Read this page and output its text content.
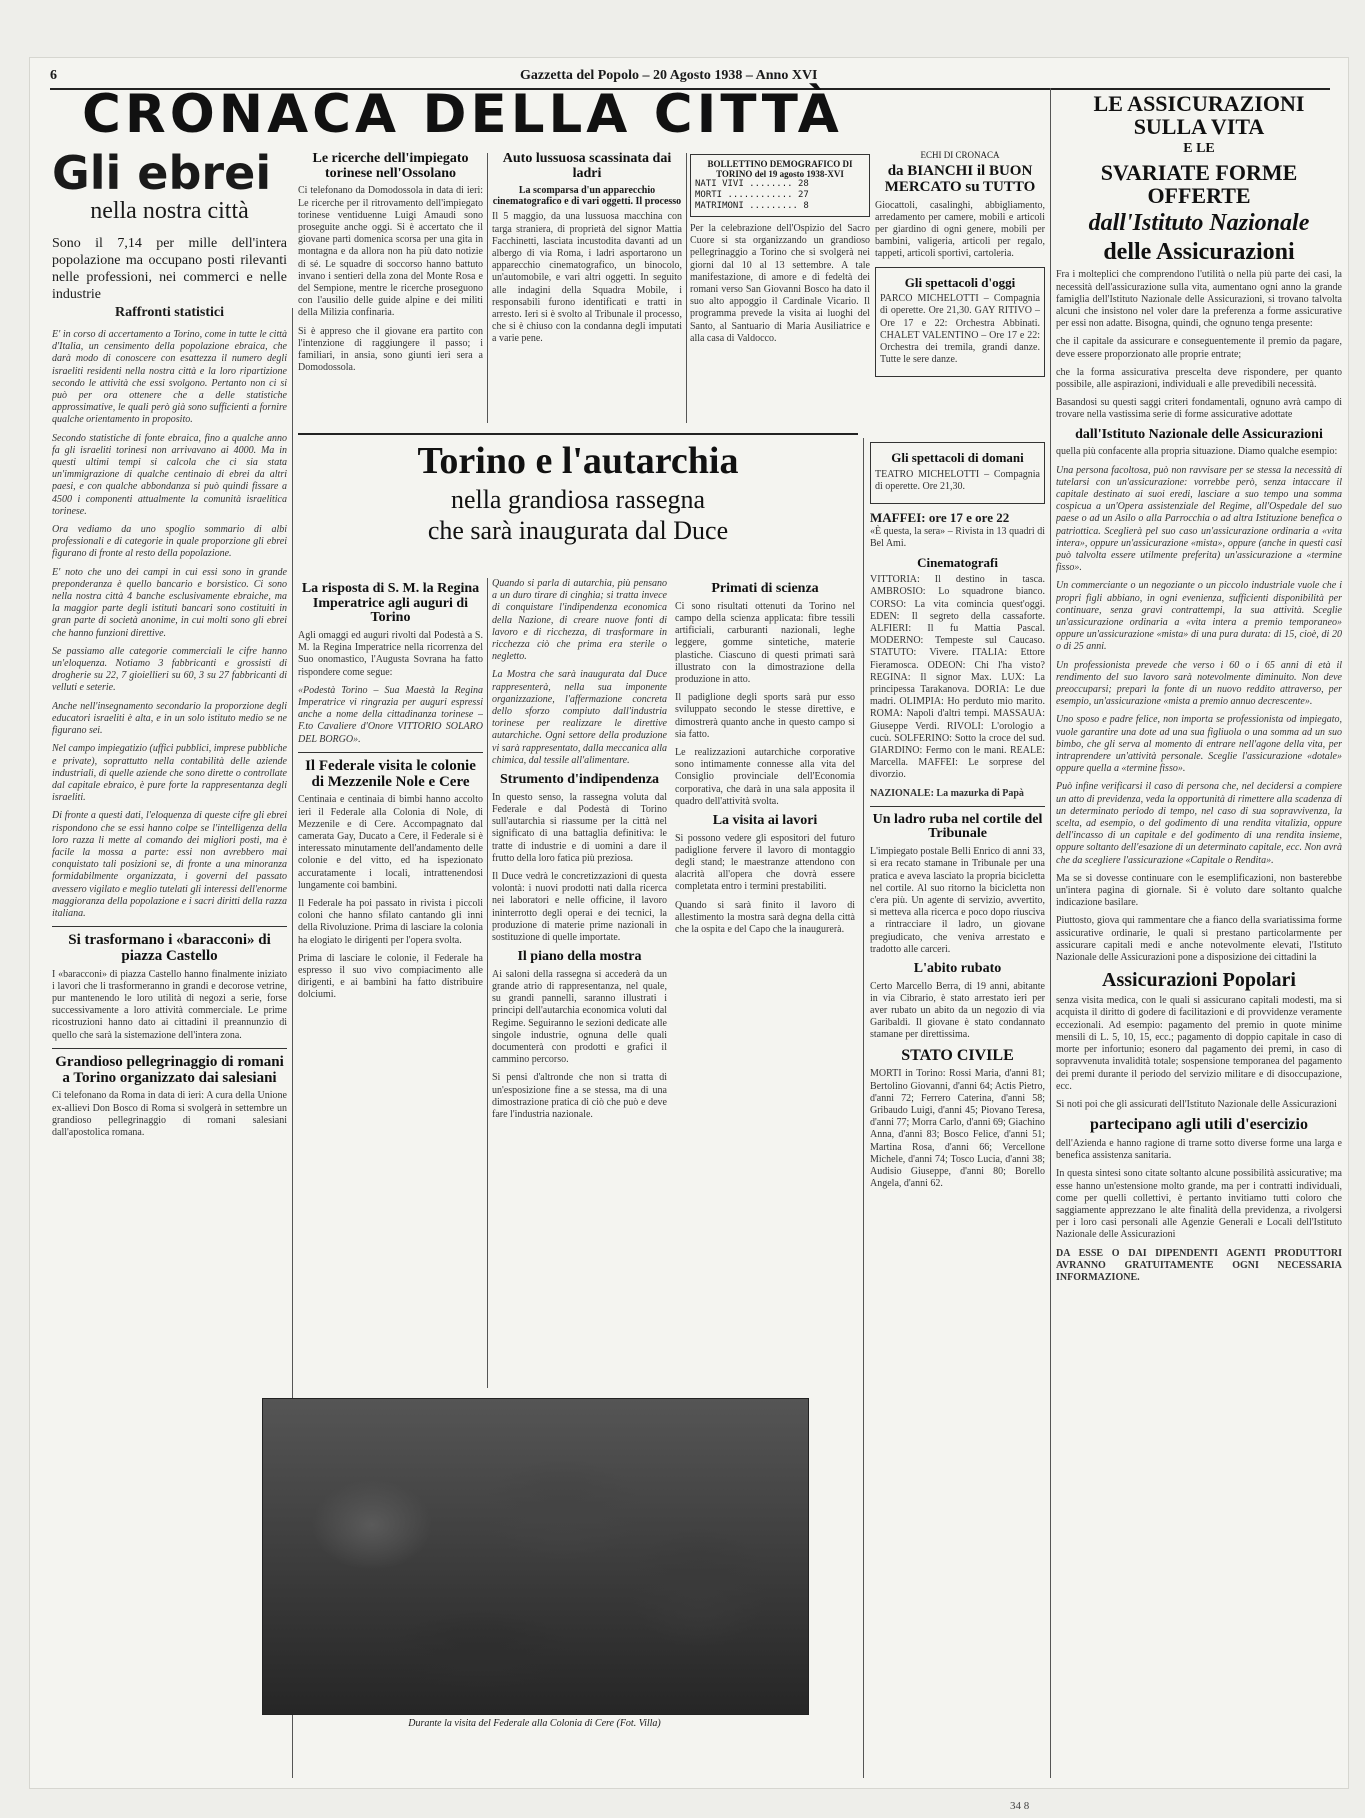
6	Gazzetta del Popolo – 20 Agosto 1938 – Anno XVI
CRONACA DELLA CITTÀ
Gli ebrei
nella nostra città
Sono il 7,14 per mille dell'intera popolazione ma occupano posti rilevanti nelle professioni, nei commerci e nelle industrie
Raffronti statistici

E' in corso di accertamento a Torino, come in tutte le città d'Italia, un censimento della popolazione ebraica, che darà modo di conoscere con esattezza il numero degli israeliti residenti nella nostra città e la loro ripartizione secondo le attività che essi svolgono. Pertanto non ci si può per ora ottenere che a delle statistiche approssimative, le quali però già sono sufficienti a fornire qualche orientamento in proposito.

Secondo statistiche di fonte ebraica, fino a qualche anno fa gli israeliti torinesi non arrivavano ai 4000. Ma in questi ultimi tempi si calcola che ci sia stata un'immigrazione di qualche centinaio di ebrei da altri paesi, e con qualche abbondanza si può quindi fissare a 4500 i componenti attualmente la comunità israelitica torinese.

Ora vediamo da uno spoglio sommario di albi professionali e di categorie in quale proporzione gli ebrei figurano di fronte al resto della popolazione.

E' noto che uno dei campi in cui essi sono in grande preponderanza è quello bancario e borsistico. Ci sono nella nostra città 4 banche esclusivamente ebraiche, ma la maggior parte degli istituti bancari sono costituiti in gran parte di società anonime, in cui molti sono gli ebrei che hanno funzioni direttive.

Se passiamo alle categorie commerciali le cifre hanno un'eloquenza. Notiamo 3 fabbricanti e grossisti di drogherie su 22, 7 gioiellieri su 60, 3 su 27 fabbricanti di velluti e seterie.

Anche nell'insegnamento secondario la proporzione degli educatori israeliti è alta, e in un solo istituto medio se ne figurano sei.

Nel campo impiegatizio (uffici pubblici, imprese pubbliche e private), soprattutto nella contabilità delle aziende industriali, di quelle aziende che sono dirette o controllate dal capitale ebraico, è pure forte la rappresentanza degli israeliti.

Di fronte a questi dati, l'eloquenza di queste cifre gli ebrei rispondono che se essi hanno colpe se l'intelligenza della loro razza li mette al comando dei migliori posti, ma è facile la mossa a parte: essi non avrebbero mai conquistato tali posizioni se, di fronte a una minoranza formidabilmente organizzata, i governi del passato avessero vigilato e meglio tutelati gli interessi dell'enorme maggioranza della popolazione e i sacri diritti della razza italiana.

Si trasformano i «baracconi» di piazza Castello

I «baracconi» di piazza Castello hanno finalmente iniziato i lavori che li trasformeranno in grandi e decorose vetrine, pur mantenendo le loro utilità di negozi a serie, forse successivamente a loro attività commerciale. Le prime ricostruzioni hanno dato ai cittadini il preannunzio di quello che sarà la sistemazione dell'intera zona.

Grandioso pellegrinaggio di romani a Torino organizzato dai salesiani

Ci telefonano da Roma in data di ieri: A cura della Unione ex-allievi Don Bosco di Roma si svolgerà in settembre un grandioso pellegrinaggio di romani salesiani dall'apostolica romana.

Le ricerche dell'impiegato torinese nell'Ossolano

Ci telefonano da Domodossola in data di ieri: Le ricerche per il ritrovamento dell'impiegato torinese ventiduenne Luigi Amaudi sono proseguite anche oggi. Si è accertato che il giovane partì domenica scorsa per una gita in montagna e da allora non ha più dato notizie di sé. Le squadre di soccorso hanno battuto invano i sentieri della zona del Monte Rosa e del Sempione, mentre le ricerche proseguono con l'ausilio delle guide alpine e dei militi della Milizia confinaria.

Si è appreso che il giovane era partito con l'intenzione di raggiungere il passo; i familiari, in ansia, sono giunti ieri sera a Domodossola.

Auto lussuosa scassinata dai ladri
La scomparsa d'un apparecchio cinematografico e di vari oggetti. Il processo

Il 5 maggio, da una lussuosa macchina con targa straniera, di proprietà del signor Mattia Facchinetti, lasciata incustodita davanti ad un albergo di via Roma, i ladri asportarono un apparecchio cinematografico, un binocolo, un'automobile, e vari altri oggetti. In seguito alle indagini della Squadra Mobile, i responsabili furono identificati e tratti in arresto. Ieri si è svolto al Tribunale il processo, che si è chiuso con la condanna degli imputati a varie pene.

BOLLETTINO DEMOGRAFICO DI TORINO del 19 agosto 1938-XVI
NATI VIVI ........ 28
MORTI ............ 27
MATRIMONI ......... 8

Per la celebrazione dell'Ospizio del Sacro Cuore si sta organizzando un grandioso pellegrinaggio a Torino che si svolgerà nei giorni dal 10 al 13 settembre. A tale manifestazione, di amore e di fedeltà dei romani verso San Giovanni Bosco ha dato il suo alto appoggio il Cardinale Vicario. Il programma prevede la visita ai luoghi del Santo, al Santuario di Maria Ausiliatrice e alla casa di Valdocco.

ECHI DI CRONACA
da BIANCHI il BUON MERCATO su TUTTO

Giocattoli, casalinghi, abbigliamento, arredamento per camere, mobili e articoli per giardino di ogni genere, mobili per bambini, valigeria, articoli per regalo, tappeti, articoli sportivi, cartoleria.

Gli spettacoli d'oggi

PARCO MICHELOTTI – Compagnia di operette. Ore 21,30. GAY RITIVO – Ore 17 e 22: Orchestra Abbinati. CHALET VALENTINO – Ore 17 e 22: Orchestra dei tremila, grandi danze. Tutte le sere danze.

Torino e l'autarchia
nella grandiosa rassegna
che sarà inaugurata dal Duce
La risposta di S. M. la Regina Imperatrice agli auguri di Torino

Agli omaggi ed auguri rivolti dal Podestà a S. M. la Regina Imperatrice nella ricorrenza del Suo onomastico, l'Augusta Sovrana ha fatto rispondere come segue:

«Podestà Torino – Sua Maestà la Regina Imperatrice vi ringrazia per auguri espressi anche a nome della cittadinanza torinese – F.to Cavaliere d'Onore VITTORIO SOLARO DEL BORGO».

Il Federale visita le colonie di Mezzenile Nole e Cere

Centinaia e centinaia di bimbi hanno accolto ieri il Federale alla Colonia di Nole, di Mezzenile e di Cere. Accompagnato dal camerata Gay, Ducato a Cere, il Federale si è interessato minutamente dell'andamento delle colonie e del vitto, ed ha ispezionato accuratamente i locali, intrattenendosi lungamente coi bambini.

Il Federale ha poi passato in rivista i piccoli coloni che hanno sfilato cantando gli inni della Rivoluzione. Prima di lasciare la colonia ha elogiato le dirigenti per l'opera svolta.

Prima di lasciare le colonie, il Federale ha espresso il suo vivo compiacimento alle dirigenti, e ai bambini ha fatto distribuire dolciumi.

Quando si parla di autarchia, più pensano a un duro tirare di cinghia; si tratta invece di conquistare l'indipendenza economica della Nazione, di creare nuove fonti di lavoro e di ricchezza, di trasformare in ricchezza ciò che prima era sterile o negletto.

La Mostra che sarà inaugurata dal Duce rappresenterà, nella sua imponente organizzazione, l'affermazione concreta dello sforzo compiuto dall'industria torinese per realizzare le direttive autarchiche. Ogni settore della produzione vi sarà rappresentato, dalla meccanica alla chimica, dal tessile all'alimentare.

Strumento d'indipendenza

In questo senso, la rassegna voluta dal Federale e dal Podestà di Torino sull'autarchia si riassume per la città nel significato di una battaglia definitiva: le tratte di industrie e di uomini a dare il frutto della loro fatica più preziosa.

Il Duce vedrà le concretizzazioni di questa volontà: i nuovi prodotti nati dalla ricerca nei laboratori e nelle officine, il lavoro ininterrotto degli operai e dei tecnici, la produzione di materie prime nazionali in sostituzione di quelle importate.

Il piano della mostra

Ai saloni della rassegna si accederà da un grande atrio di rappresentanza, nel quale, su grandi pannelli, saranno illustrati i principi dell'autarchia economica voluti dal Regime. Seguiranno le sezioni dedicate alle singole industrie, ognuna delle quali documenterà con prodotti e grafici il cammino percorso.

Si pensi d'altronde che non si tratta di un'esposizione fine a se stessa, ma di una dimostrazione pratica di ciò che può e deve fare l'industria nazionale.

Primati di scienza

Ci sono risultati ottenuti da Torino nel campo della scienza applicata: fibre tessili artificiali, carburanti nazionali, leghe leggere, gomme sintetiche, materie plastiche. Ciascuno di questi primati sarà illustrato con la dimostrazione della produzione in atto.

Il padiglione degli sports sarà pur esso sviluppato secondo le stesse direttive, e dimostrerà quanto anche in questo campo si sia fatto.

Le realizzazioni autarchiche corporative sono intimamente connesse alla vita del Consiglio provinciale dell'Economia corporativa, che darà in una sala apposita il quadro dell'attività svolta.

La visita ai lavori

Si possono vedere gli espositori del futuro padiglione fervere il lavoro di montaggio degli stand; le maestranze attendono con alacrità all'opera che dovrà essere completata entro i termini prestabiliti.

Quando si sarà finito il lavoro di allestimento la mostra sarà degna della città che la ospita e del Capo che la inaugurerà.

Gli spettacoli di domani

TEATRO MICHELOTTI – Compagnia di operette. Ore 21,30.

MAFFEI: ore 17 e ore 22

«È questa, la sera» – Rivista in 13 quadri di Bel Ami.

Cinematografi

VITTORIA: Il destino in tasca. AMBROSIO: Lo squadrone bianco. CORSO: La vita comincia quest'oggi. EDEN: Il segreto della cassaforte. ALFIERI: Il fu Mattia Pascal. MODERNO: Tempeste sul Caucaso. STATUTO: Vivere. ITALIA: Ettore Fieramosca. ODEON: Chi l'ha visto? REGINA: Il signor Max. LUX: La principessa Tarakanova. DORIA: Le due madri. OLIMPIA: Ho perduto mio marito. ROMA: Napoli d'altri tempi. MASSAUA: Giuseppe Verdi. RIVOLI: L'orologio a cucù. SOLFERINO: Sotto la croce del sud. GIARDINO: Fermo con le mani. REALE: Marcella. MAFFEI: Le sorprese del divorzio.

NAZIONALE: La mazurka di Papà

Un ladro ruba nel cortile del Tribunale

L'impiegato postale Belli Enrico di anni 33, si era recato stamane in Tribunale per una pratica e aveva lasciato la propria bicicletta nel cortile. Al suo ritorno la bicicletta non c'era più. Un agente di servizio, avvertito, si metteva alla ricerca e poco dopo riusciva a rintracciare il ladro, un giovane pregiudicato, che veniva arrestato e tradotto alle carceri.

L'abito rubato

Certo Marcello Berra, di 19 anni, abitante in via Cibrario, è stato arrestato ieri per aver rubato un abito da un negozio di via Garibaldi. Il giovane è stato condannato stamane per direttissima.

STATO CIVILE

MORTI in Torino: Rossi Maria, d'anni 81; Bertolino Giovanni, d'anni 64; Actis Pietro, d'anni 72; Ferrero Caterina, d'anni 58; Gribaudo Luigi, d'anni 45; Piovano Teresa, d'anni 77; Morra Carlo, d'anni 69; Giachino Anna, d'anni 83; Bosco Felice, d'anni 51; Martina Rosa, d'anni 66; Vercellone Michele, d'anni 74; Tosco Lucia, d'anni 38; Audisio Giuseppe, d'anni 80; Borello Angela, d'anni 62.

Durante la visita del Federale alla Colonia di Cere (Fot. Villa)
LE ASSICURAZIONI SULLA VITA
E LE
SVARIATE FORME OFFERTE
dall'Istituto Nazionale
delle Assicurazioni

Fra i molteplici che comprendono l'utilità o nella più parte dei casi, la necessità dell'assicurazione sulla vita, aumentano ogni anno la grande famiglia dell'Istituto Nazionale delle Assicurazioni, si trovano talvolta alcuni che insistono nel voler dare la preferenza a forme assicurative per essi non adatte. Bisogna, quindi, che ognuno tenga presente:

che il capitale da assicurare e conseguentemente il premio da pagare, deve essere proporzionato alle proprie entrate;

che la forma assicurativa prescelta deve rispondere, per quanto possibile, alle aspirazioni, individuali e alle prevedibili necessità.

Basandosi su questi saggi criteri fondamentali, ognuno avrà campo di trovare nella vastissima serie di forme assicurative adottate

dall'Istituto Nazionale delle Assicurazioni

quella più confacente alla propria situazione. Diamo qualche esempio:

Una persona facoltosa, può non ravvisare per se stessa la necessità di tutelarsi con un'assicurazione: vorrebbe però, senza intaccare il capitale destinato ai suoi eredi, lasciare a suo tempo una somma cospicua a un'Opera assistenziale del Regime, all'Ospedale del suo paese o ad un Asilo o alla Parrocchia o ad altra Istituzione benefica o patriottica. Sceglierà pel suo caso un'assicurazione ordinaria a «vita intera», oppure un'assicurazione «mista», oppure (anche in questi casi può talvolta essere utilmente preferita) un'assicurazione a «termine fisso».

Un commerciante o un negoziante o un piccolo industriale vuole che i propri figli abbiano, in ogni evenienza, sufficienti disponibilità per continuare, senza gravi contrattempi, la sua attività. Sceglie un'assicurazione ordinaria a «vita intera a premio temporaneo» oppure un'assicurazione «mista» di una pura durata: di 15, cioè, di 20 o di 25 anni.

Un professionista prevede che verso i 60 o i 65 anni di età il rendimento del suo lavoro sarà notevolmente diminuito. Non deve preoccuparsi; preparì la fonte di un nuovo reddito attraverso, per esempio, un'assicurazione «mista a premio annuo decrescente».

Uno sposo e padre felice, non importa se professionista od impiegato, vuole garantire una dote ad una sua figliuola o una somma ad un suo bimbo, che gli serva al momento di entrare nell'agone della vita, per intraprendere un'attività personale. Sceglie l'assicurazione «dotale» oppure quella a «termine fisso».

Può infine verificarsi il caso di persona che, nel decidersi a compiere un atto di previdenza, veda la opportunità di rimettere alla scadenza di un determinato periodo di tempo, nel caso di sua sopravvivenza, la scelta, ad esempio, o del godimento di una rendita vitalizia, oppure dell'incasso di un capitale e del godimento di una rendita insieme, oppure soltanto dell'esazione di un determinato capitale, ecc. Non avrà che da scegliere l'assicurazione «Capitale o Rendita».

Ma se si dovesse continuare con le esemplificazioni, non basterebbe un'intera pagina di giornale. Si è voluto dare soltanto qualche indicazione basilare.

Piuttosto, giova qui rammentare che a fianco della svariatissima forme assicurative ordinarie, le quali si prestano particolarmente per assicurare capitali medi e anche notevolmente elevati, l'Istituto Nazionale delle Assicurazioni pone a disposizione dei cittadini la

Assicurazioni Popolari

senza visita medica, con le quali si assicurano capitali modesti, ma si acquista il diritto di godere di facilitazioni e di provvidenze veramente eccezionali. Ad esempio: pagamento del premio in quote minime mensili di L. 5, 10, 15, ecc.; pagamento di doppio capitale in caso di morte per infortunio; esonero dal pagamento dei premi, in caso di sopravvenuta invalidità totale; sospensione temporanea del pagamento dei premi durante il periodo del servizio militare e di disoccupazione, ecc.

Si noti poi che gli assicurati dell'Istituto Nazionale delle Assicurazioni

partecipano agli utili d'esercizio

dell'Azienda e hanno ragione di trarne sotto diverse forme una larga e benefica assistenza sanitaria.

In questa sintesi sono citate soltanto alcune possibilità assicurative; ma esse hanno un'estensione molto grande, ma per i contratti individuali, come per quelli collettivi, è pertanto invitiamo tutti coloro che saggiamente apprezzano le alte finalità della previdenza, a rivolgersi per i loro casi personali alle Agenzie Generali e Locali dell'Istituto Nazionale delle Assicurazioni

DA ESSE O DAI DIPENDENTI AGENTI PRODUTTORI AVRANNO GRATUITAMENTE OGNI NECESSARIA INFORMAZIONE.

34 8
